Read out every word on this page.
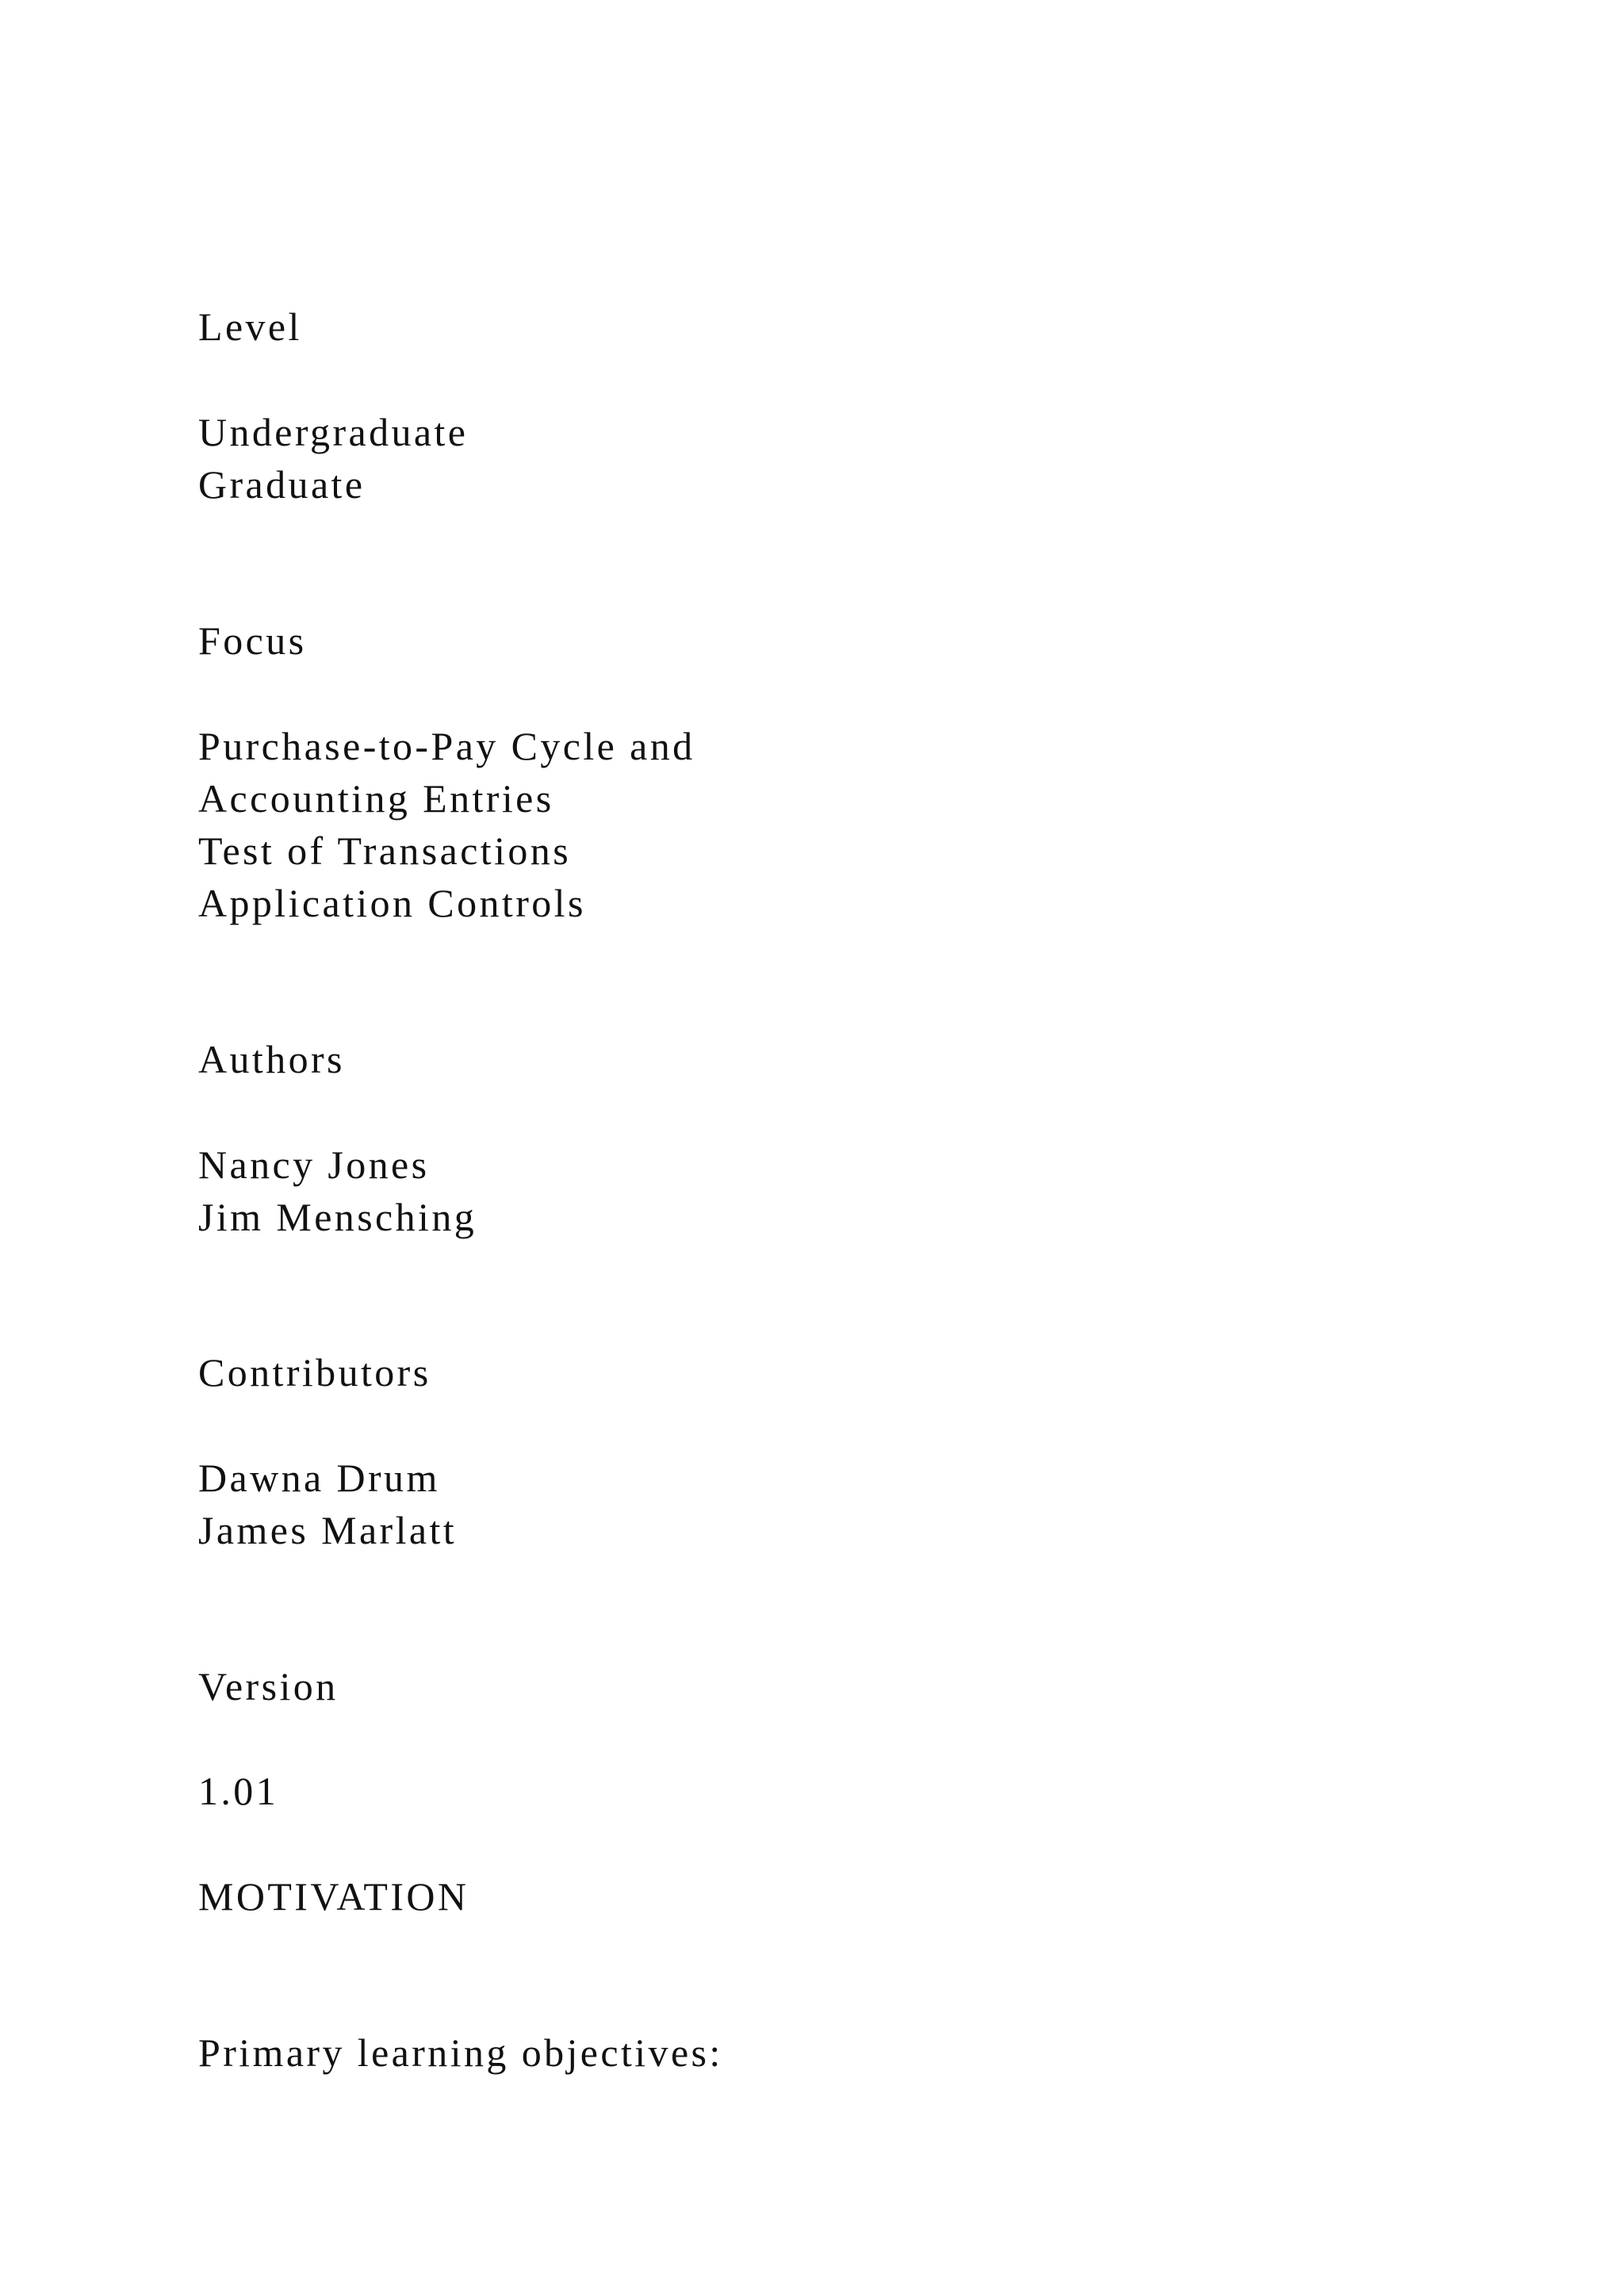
Level

Undergraduate

Graduate

Focus

Purchase-to-Pay Cycle and

Accounting Entries

Test of Transactions

Application Controls

Authors

Nancy Jones

Jim Mensching

Contributors

Dawna Drum

James Marlatt

Version

1.01

MOTIVATION

Primary learning objectives:
